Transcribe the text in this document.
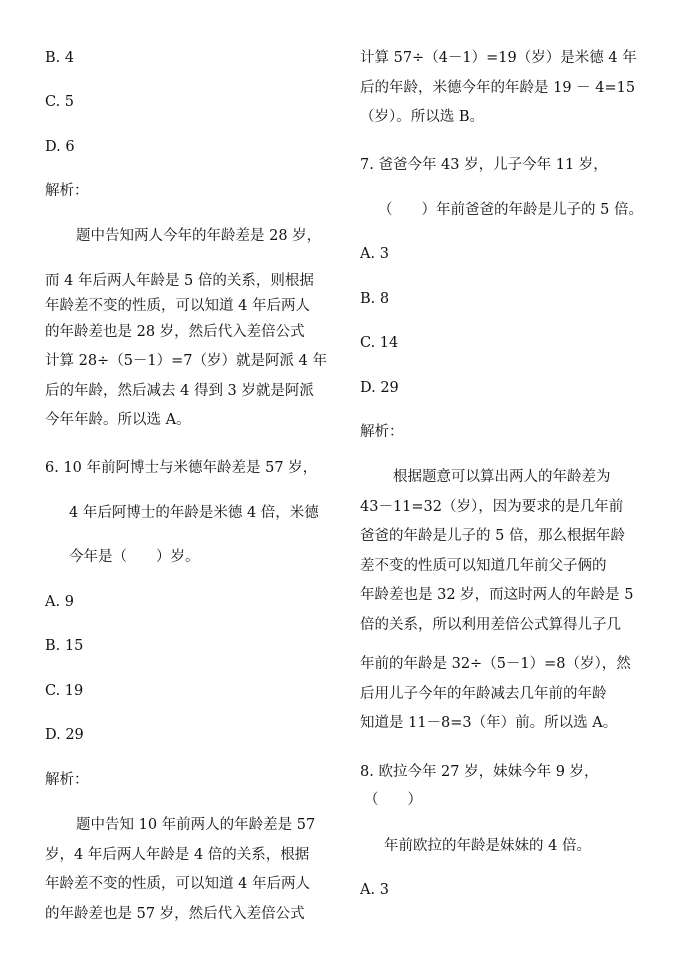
B. 4
C. 5
D. 6
解析：
题中告知两人今年的年龄差是 28 岁，
而 4 年后两人年龄是 5 倍的关系，则根据
年龄差不变的性质，可以知道 4 年后两人
的年龄差也是 28 岁，然后代入差倍公式
计算 28÷（5－1）=7（岁）就是阿派 4 年
后的年龄，然后减去 4 得到 3 岁就是阿派
今年年龄。所以选 A。
6. 10 年前阿博士与米德年龄差是 57 岁，
4 年后阿博士的年龄是米德 4 倍，米德
今年是（　　）岁。
A. 9
B. 15
C. 19
D. 29
解析：
题中告知 10 年前两人的年龄差是 57
岁，4 年后两人年龄是 4 倍的关系，根据
年龄差不变的性质，可以知道 4 年后两人
的年龄差也是 57 岁，然后代入差倍公式
计算 57÷（4－1）=19（岁）是米德 4 年
后的年龄，米德今年的年龄是 19 － 4=15
（岁）。所以选 B。
7. 爸爸今年 43 岁，儿子今年 11 岁，
（　　）年前爸爸的年龄是儿子的 5 倍。
A. 3
B. 8
C. 14
D. 29
解析：
根据题意可以算出两人的年龄差为
43－11=32（岁），因为要求的是几年前
爸爸的年龄是儿子的 5 倍，那么根据年龄
差不变的性质可以知道几年前父子俩的
年龄差也是 32 岁，而这时两人的年龄是 5
倍的关系，所以利用差倍公式算得儿子几
年前的年龄是 32÷（5－1）=8（岁），然
后用儿子今年的年龄减去几年前的年龄
知道是 11－8=3（年）前。所以选 A。
8. 欧拉今年 27 岁，妹妹今年 9 岁，
（　　）
年前欧拉的年龄是妹妹的 4 倍。
A. 3
